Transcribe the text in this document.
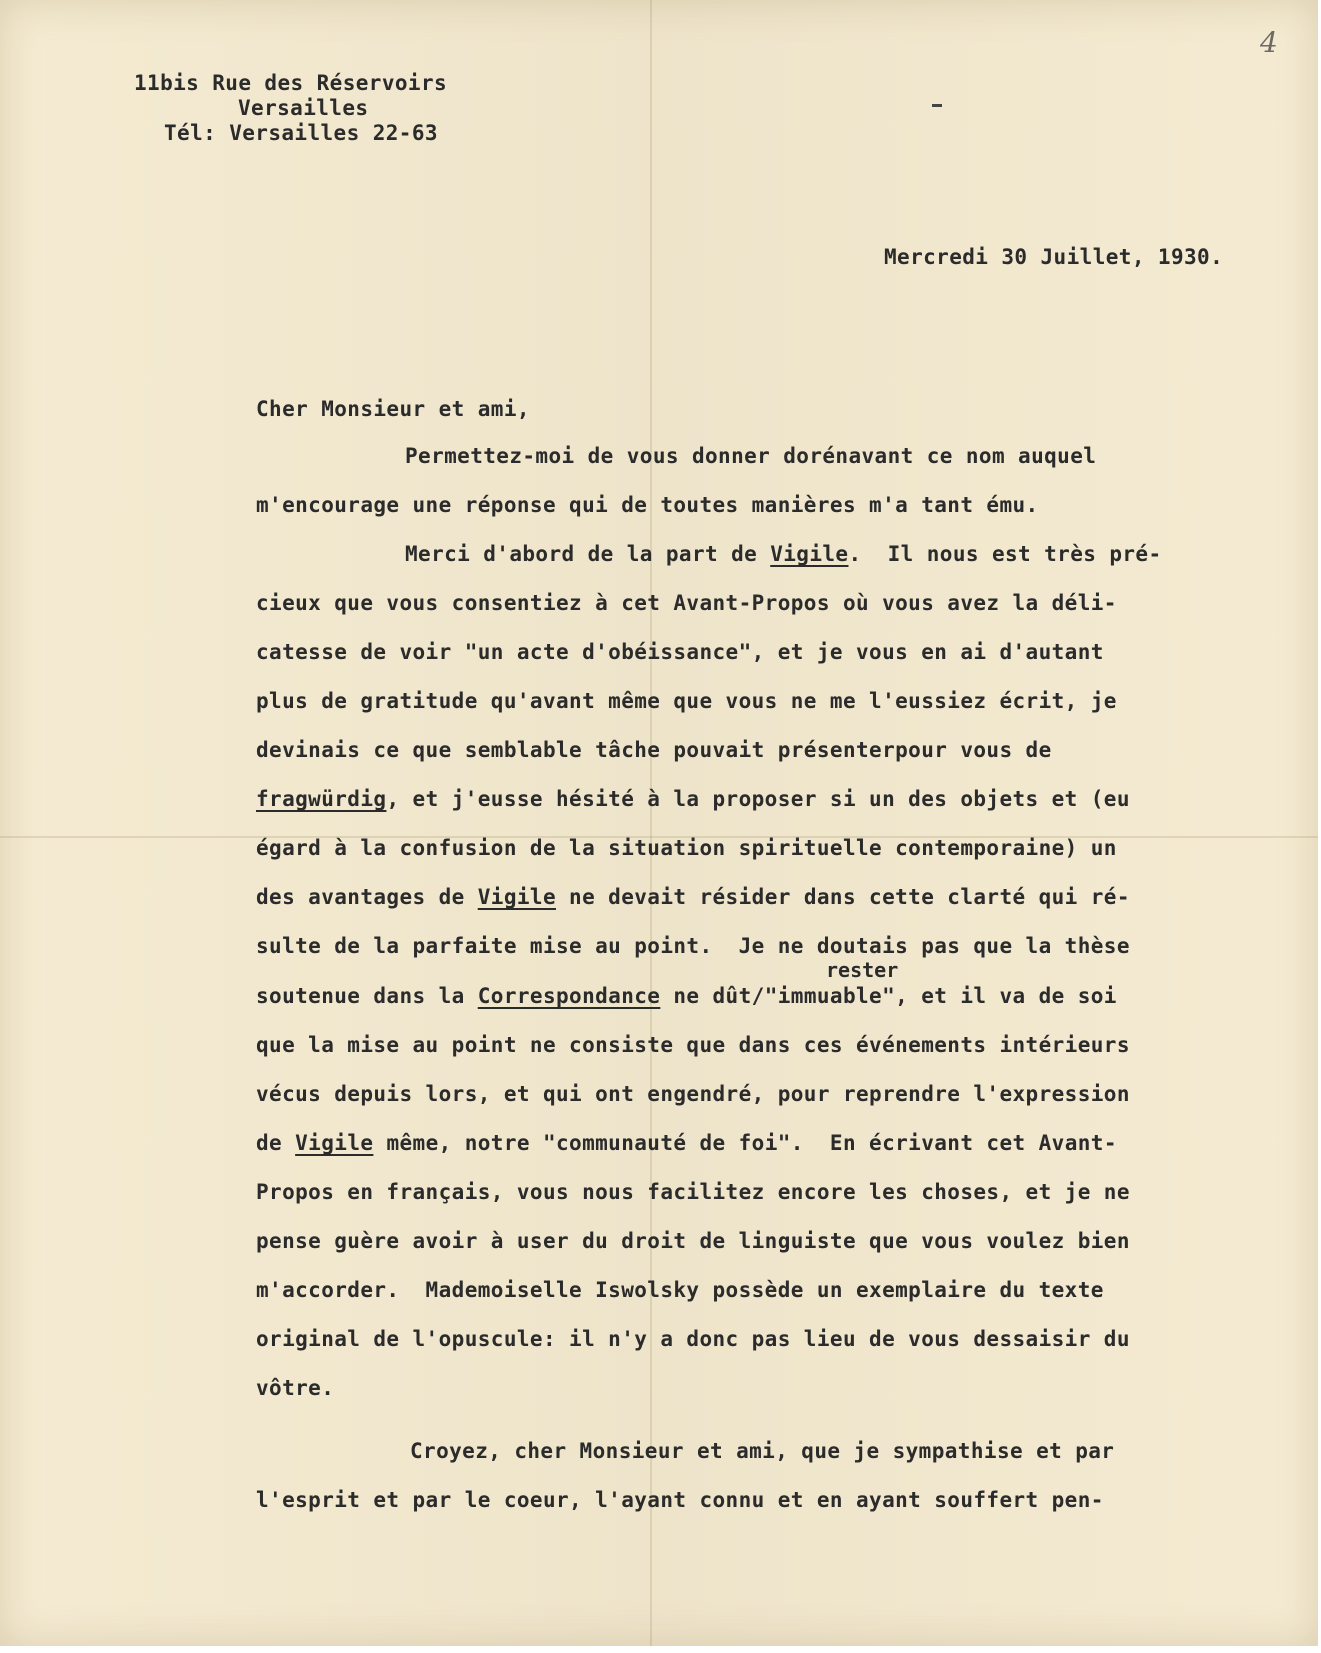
4
11bis Rue des Réservoirs
Versailles
Tél: Versailles 22-63
Mercredi 30 Juillet, 1930.
Cher Monsieur et ami,
Permettez-moi de vous donner dorénavant ce nom auquel
m'encourage une réponse qui de toutes manières m'a tant ému.
Merci d'abord de la part de Vigile.  Il nous est très pré-
cieux que vous consentiez à cet Avant-Propos où vous avez la déli-
catesse de voir "un acte d'obéissance", et je vous en ai d'autant
plus de gratitude qu'avant même que vous ne me l'eussiez écrit, je
devinais ce que semblable tâche pouvait présenterpour vous de
fragwürdig, et j'eusse hésité à la proposer si un des objets et (eu
égard à la confusion de la situation spirituelle contemporaine) un
des avantages de Vigile ne devait résider dans cette clarté qui ré-
sulte de la parfaite mise au point.  Je ne doutais pas que la thèse
rester
soutenue dans la Correspondance ne dût/"immuable", et il va de soi
que la mise au point ne consiste que dans ces événements intérieurs
vécus depuis lors, et qui ont engendré, pour reprendre l'expression
de Vigile même, notre "communauté de foi".  En écrivant cet Avant-
Propos en français, vous nous facilitez encore les choses, et je ne
pense guère avoir à user du droit de linguiste que vous voulez bien
m'accorder.  Mademoiselle Iswolsky possède un exemplaire du texte
original de l'opuscule: il n'y a donc pas lieu de vous dessaisir du
vôtre.
Croyez, cher Monsieur et ami, que je sympathise et par
l'esprit et par le coeur, l'ayant connu et en ayant souffert pen-
